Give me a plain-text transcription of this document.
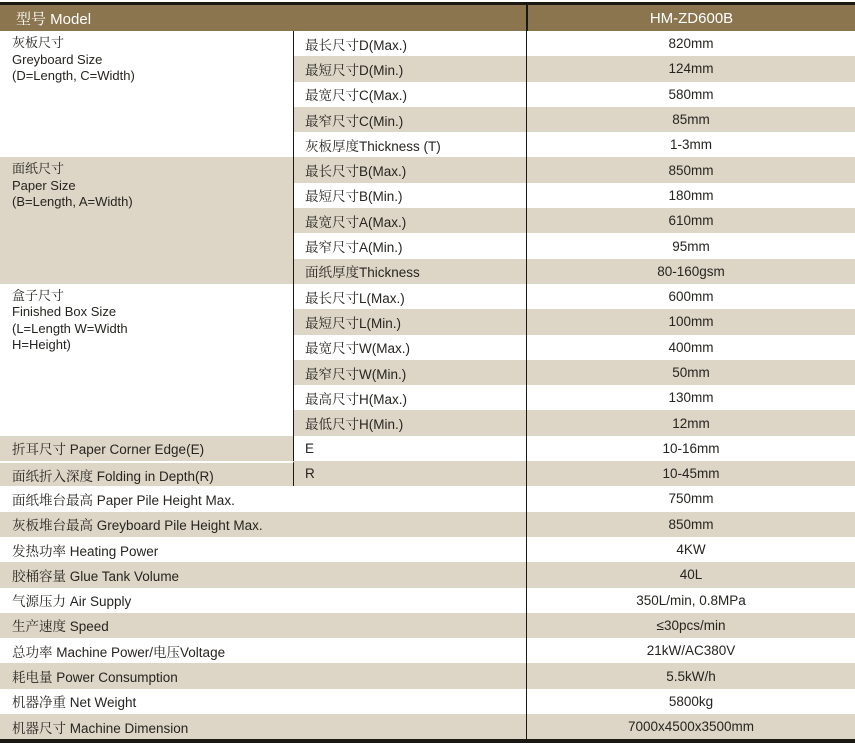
型号 Model		HM-ZD600B
灰板尺寸
Greyboard Size
(D=Length, C=Width)	最长尺寸D(Max.)	820mm
	最短尺寸D(Min.)	124mm
	最宽尺寸C(Max.)	580mm
	最窄尺寸C(Min.)	85mm
	灰板厚度Thickness (T)	1-3mm
面纸尺寸
Paper Size
(B=Length, A=Width)	最长尺寸B(Max.)	850mm
	最短尺寸B(Min.)	180mm
	最宽尺寸A(Max.)	610mm
	最窄尺寸A(Min.)	95mm
	面纸厚度Thickness	80-160gsm
盒子尺寸
Finished Box Size
(L=Length W=Width
H=Height)	最长尺寸L(Max.)	600mm
	最短尺寸L(Min.)	100mm
	最宽尺寸W(Max.)	400mm
	最窄尺寸W(Min.)	50mm
	最高尺寸H(Max.)	130mm
	最低尺寸H(Min.)	12mm
折耳尺寸 Paper Corner Edge(E)	E	10-16mm
面纸折入深度 Folding in Depth(R)	R	10-45mm
面纸堆台最高 Paper Pile Height Max.		750mm
灰板堆台最高 Greyboard Pile Height Max.		850mm
发热功率 Heating Power		4KW
胶桶容量 Glue Tank Volume		40L
气源压力 Air Supply		350L/min, 0.8MPa
生产速度 Speed		≤30pcs/min
总功率 Machine Power/电压Voltage		21kW/AC380V
耗电量 Power Consumption		5.5kW/h
机器净重 Net Weight		5800kg
机器尺寸 Machine Dimension		7000x4500x3500mm
